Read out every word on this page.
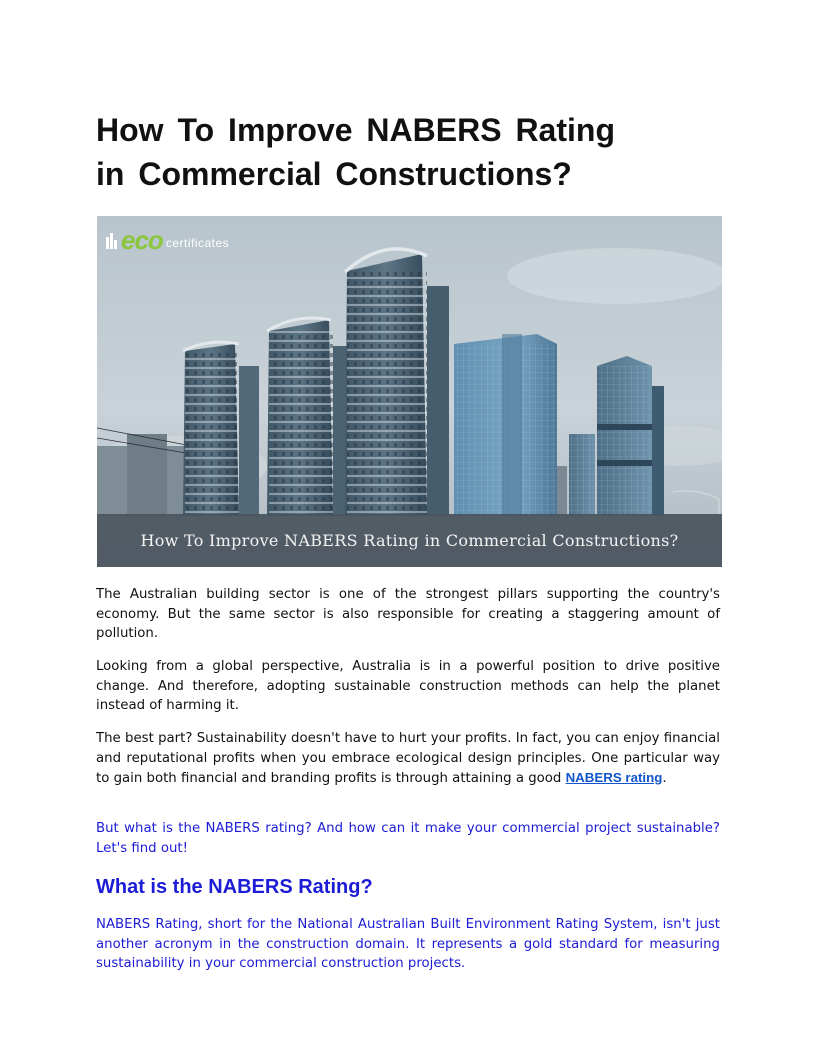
How To Improve NABERS Rating
in Commercial Constructions?
eco certificates
How To Improve NABERS Rating in Commercial Constructions?

The Australian building sector is one of the strongest pillars supporting the country's economy. But the same sector is also responsible for creating a staggering amount of pollution.

Looking from a global perspective, Australia is in a powerful position to drive positive change. And therefore, adopting sustainable construction methods can help the planet instead of harming it.

The best part? Sustainability doesn't have to hurt your profits. In fact, you can enjoy financial and reputational profits when you embrace ecological design principles. One particular way to gain both financial and branding profits is through attaining a good NABERS rating.

But what is the NABERS rating? And how can it make your commercial project sustainable? Let's find out!

What is the NABERS Rating?

NABERS Rating, short for the National Australian Built Environment Rating System, isn't just another acronym in the construction domain. It represents a gold standard for measuring sustainability in your commercial construction projects.
